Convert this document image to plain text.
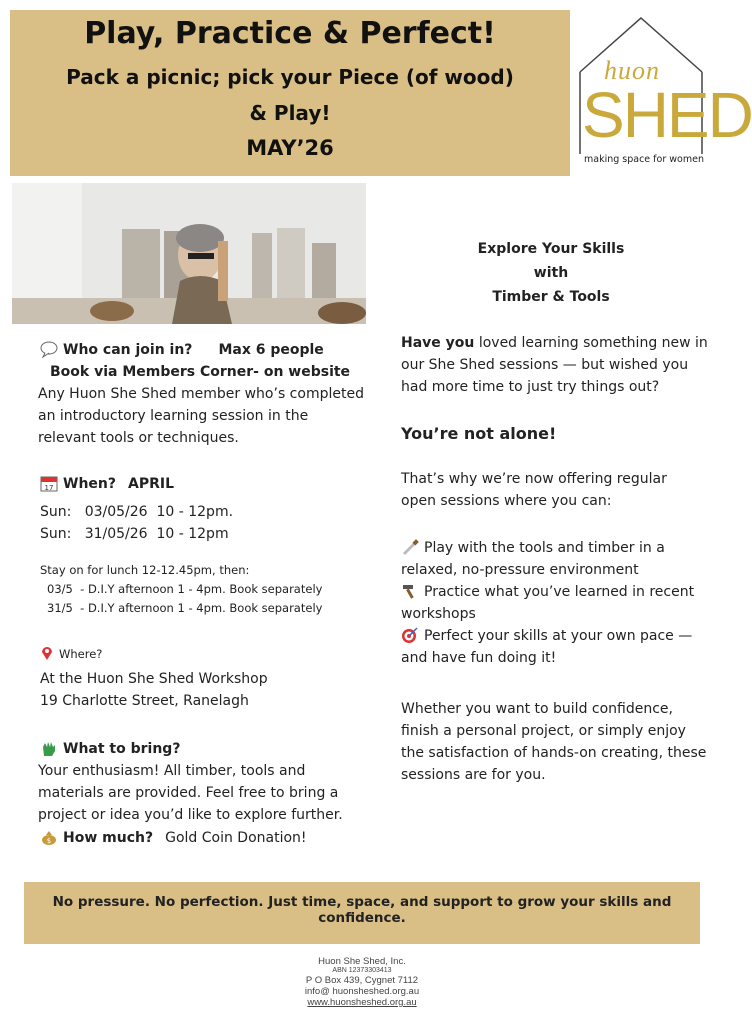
Play, Practice & Perfect!
Pack a picnic; pick your Piece (of wood)
& Play!
MAY’26
huon
SHED
making space for women
Who can join in? Max 6 people
Book via Members Corner- on website
Any Huon She Shed member who’s completed an introductory learning session in the relevant tools or techniques.
17 When? APRIL
Sun:   03/05/26  10 - 12pm.
Sun:   31/05/26  10 - 12pm
Stay on for lunch 12-12.45pm, then:
03/5  - D.I.Y afternoon 1 - 4pm. Book separately
31/5  - D.I.Y afternoon 1 - 4pm. Book separately
Where?
At the Huon She Shed Workshop
19 Charlotte Street, Ranelagh
What to bring?
Your enthusiasm! All timber, tools and materials are provided. Feel free to bring a project or idea you’d like to explore further.
$ How much? Gold Coin Donation!
Explore Your Skills
with
Timber & Tools
Have you loved learning something new in our She Shed sessions — but wished you had more time to just try things out?
You’re not alone!
That’s why we’re now offering regular open sessions where you can:
Play with the tools and timber in a relaxed, no-pressure environment
Practice what you’ve learned in recent workshops
Perfect your skills at your own pace — and have fun doing it!
Whether you want to build confidence, finish a personal project, or simply enjoy the satisfaction of hands-on creating, these sessions are for you.
No pressure. No perfection. Just time, space, and support to grow your skills and confidence.
Huon She Shed, Inc.
ABN 12373303413
P O Box 439, Cygnet 7112
info@ huonsheshed.org.au
www.huonsheshed.org.au
